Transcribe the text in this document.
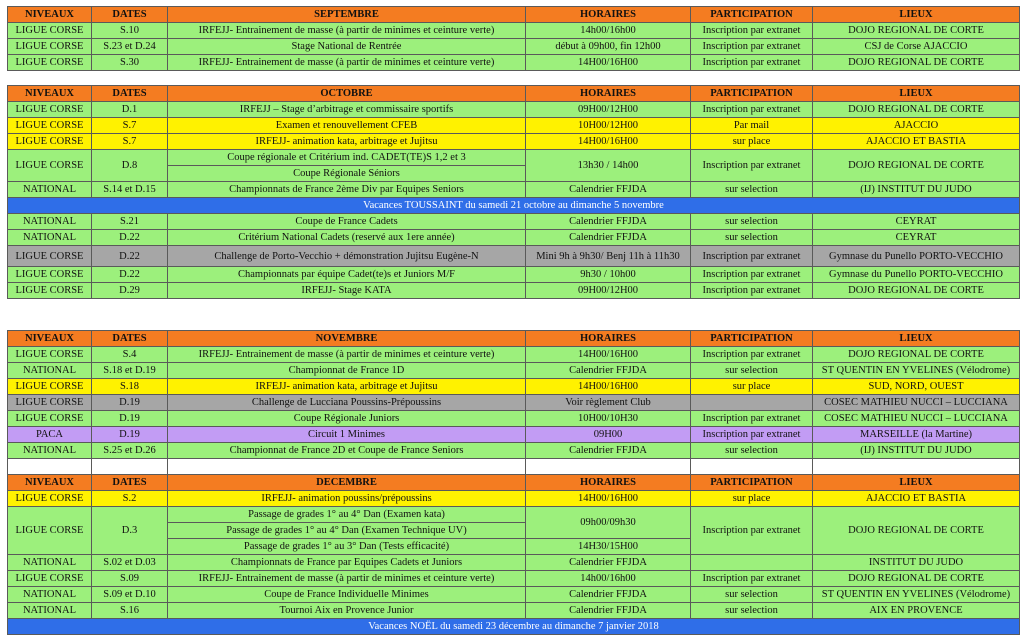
NIVEAUX	DATES	SEPTEMBRE	HORAIRES	PARTICIPATION	LIEUX
LIGUE CORSE	S.10	IRFEJJ- Entrainement de masse (à partir de minimes et ceinture verte)	14h00/16h00	Inscription par extranet	DOJO REGIONAL DE CORTE
LIGUE CORSE	S.23 et D.24	Stage National de Rentrée	début à 09h00, fin 12h00	Inscription par extranet	CSJ de Corse AJACCIO
LIGUE CORSE	S.30	IRFEJJ- Entrainement de masse (à partir de minimes et ceinture verte)	14H00/16H00	Inscription par extranet	DOJO REGIONAL DE CORTE
NIVEAUX	DATES	OCTOBRE	HORAIRES	PARTICIPATION	LIEUX
LIGUE CORSE	D.1	IRFEJJ – Stage d’arbitrage et commissaire sportifs	09H00/12H00	Inscription par extranet	DOJO REGIONAL DE CORTE
LIGUE CORSE	S.7	Examen et renouvellement CFEB	10H00/12H00	Par mail	AJACCIO
LIGUE CORSE	S.7	IRFEJJ- animation kata, arbitrage et Jujitsu	14H00/16H00	sur place	AJACCIO ET BASTIA
LIGUE CORSE	D.8	Coupe régionale et Critérium ind. CADET(TE)S 1,2 et 3	13h30 / 14h00	Inscription par extranet	DOJO REGIONAL DE CORTE
		Coupe Régionale Séniors			
NATIONAL	S.14 et D.15	Championnats de France 2ème Div par Equipes Seniors	Calendrier FFJDA	sur selection	(IJ) INSTITUT DU JUDO
Vacances TOUSSAINT du samedi 21 octobre au dimanche 5 novembre					
NATIONAL	S.21	Coupe de France Cadets	Calendrier FFJDA	sur selection	CEYRAT
NATIONAL	D.22	Critérium National Cadets (reservé aux 1ere année)	Calendrier FFJDA	sur selection	CEYRAT
LIGUE CORSE	D.22	Challenge de Porto-Vecchio + démonstration Jujitsu Eugène-N	Mini 9h à 9h30/ Benj 11h à 11h30	Inscription par extranet	Gymnase du Punello PORTO-VECCHIO
LIGUE CORSE	D.22	Championnats par équipe Cadet(te)s et Juniors M/F	9h30 / 10h00	Inscription par extranet	Gymnase du Punello PORTO-VECCHIO
LIGUE CORSE	D.29	IRFEJJ- Stage KATA	09H00/12H00	Inscription par extranet	DOJO REGIONAL DE CORTE
NIVEAUX	DATES	NOVEMBRE	HORAIRES	PARTICIPATION	LIEUX
LIGUE CORSE	S.4	IRFEJJ- Entrainement de masse (à partir de minimes et ceinture verte)	14H00/16H00	Inscription par extranet	DOJO REGIONAL DE CORTE
NATIONAL	S.18 et D.19	Championnat de France 1D	Calendrier FFJDA	sur selection	ST QUENTIN EN YVELINES (Vélodrome)
LIGUE CORSE	S.18	IRFEJJ- animation kata, arbitrage et Jujitsu	14H00/16H00	sur place	SUD, NORD, OUEST
LIGUE CORSE	D.19	Challenge de Lucciana Poussins-Prépoussins	Voir règlement Club		COSEC MATHIEU NUCCI – LUCCIANA
LIGUE CORSE	D.19	Coupe Régionale Juniors	10H00/10H30	Inscription par extranet	COSEC MATHIEU NUCCI – LUCCIANA
PACA	D.19	Circuit 1 Minimes	09H00	Inscription par extranet	MARSEILLE (la Martine)
NATIONAL	S.25 et D.26	Championnat de France 2D et Coupe de France Seniors	Calendrier FFJDA	sur selection	(IJ) INSTITUT DU JUDO

NIVEAUX	DATES	DECEMBRE	HORAIRES	PARTICIPATION	LIEUX
LIGUE CORSE	S.2	IRFEJJ- animation poussins/prépoussins	14H00/16H00	sur place	AJACCIO ET BASTIA
LIGUE CORSE	D.3	Passage de grades 1° au 4° Dan (Examen kata)	09h00/09h30	Inscription par extranet	DOJO REGIONAL DE CORTE
		Passage de grades 1° au 4° Dan (Examen Technique UV)			
		Passage de grades 1° au 3° Dan (Tests efficacité)	14H30/15H00		
NATIONAL	S.02 et D.03	Championnats de France par Equipes Cadets et Juniors	Calendrier FFJDA		INSTITUT DU JUDO
LIGUE CORSE	S.09	IRFEJJ- Entrainement de masse (à partir de minimes et ceinture verte)	14h00/16h00	Inscription par extranet	DOJO REGIONAL DE CORTE
NATIONAL	S.09 et D.10	Coupe de France Individuelle Minimes	Calendrier FFJDA	sur selection	ST QUENTIN EN YVELINES (Vélodrome)
NATIONAL	S.16	Tournoi Aix en Provence Junior	Calendrier FFJDA	sur selection	AIX EN PROVENCE
Vacances NOËL du samedi 23 décembre au dimanche 7 janvier 2018					
